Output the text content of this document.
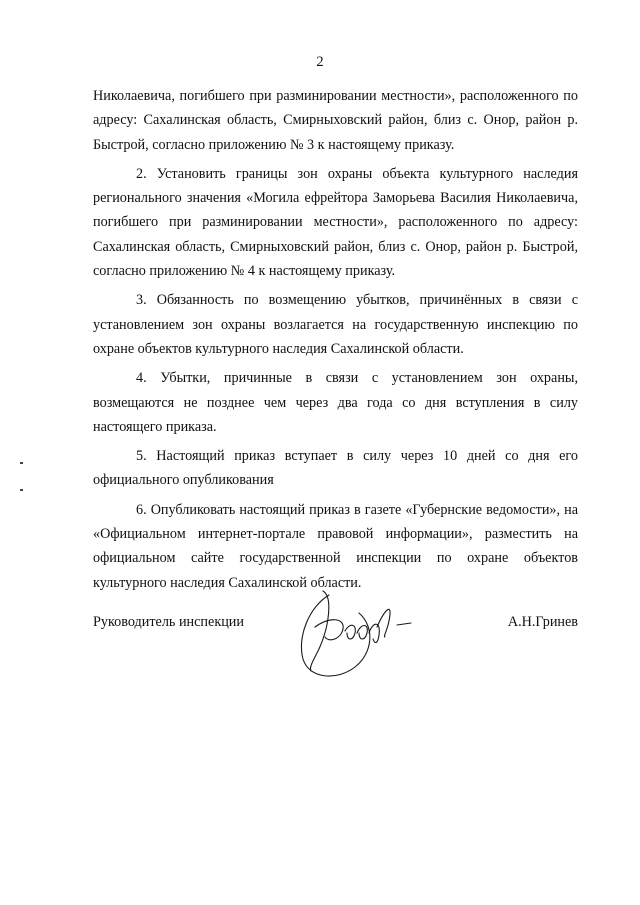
2

Николаевича, погибшего при разминировании местности», расположенного по адресу: Сахалинская область, Смирныховский район, близ с. Онор, район р. Быстрой, согласно приложению № 3 к настоящему приказу.

2. Установить границы зон охраны объекта культурного наследия регионального значения «Могила ефрейтора Заморьева Василия Николаевича, погибшего при разминировании местности», расположенного по адресу: Сахалинская область, Смирныховский район, близ с. Онор, район р. Быстрой, согласно приложению № 4 к настоящему приказу.

3. Обязанность по возмещению убытков, причинённых в связи с установлением зон охраны возлагается на государственную инспекцию по охране объектов культурного наследия Сахалинской области.

4. Убытки, причинные в связи с установлением зон охраны, возмещаются не позднее чем через два года со дня вступления в силу настоящего приказа.

5. Настоящий приказ вступает в силу через 10 дней со дня его официального опубликования

6. Опубликовать настоящий приказ в газете «Губернские ведомости», на «Официальном интернет-портале правовой информации», разместить на официальном сайте государственной инспекции по охране объектов культурного наследия Сахалинской области.

Руководитель инспекции	А.Н.Гринев
